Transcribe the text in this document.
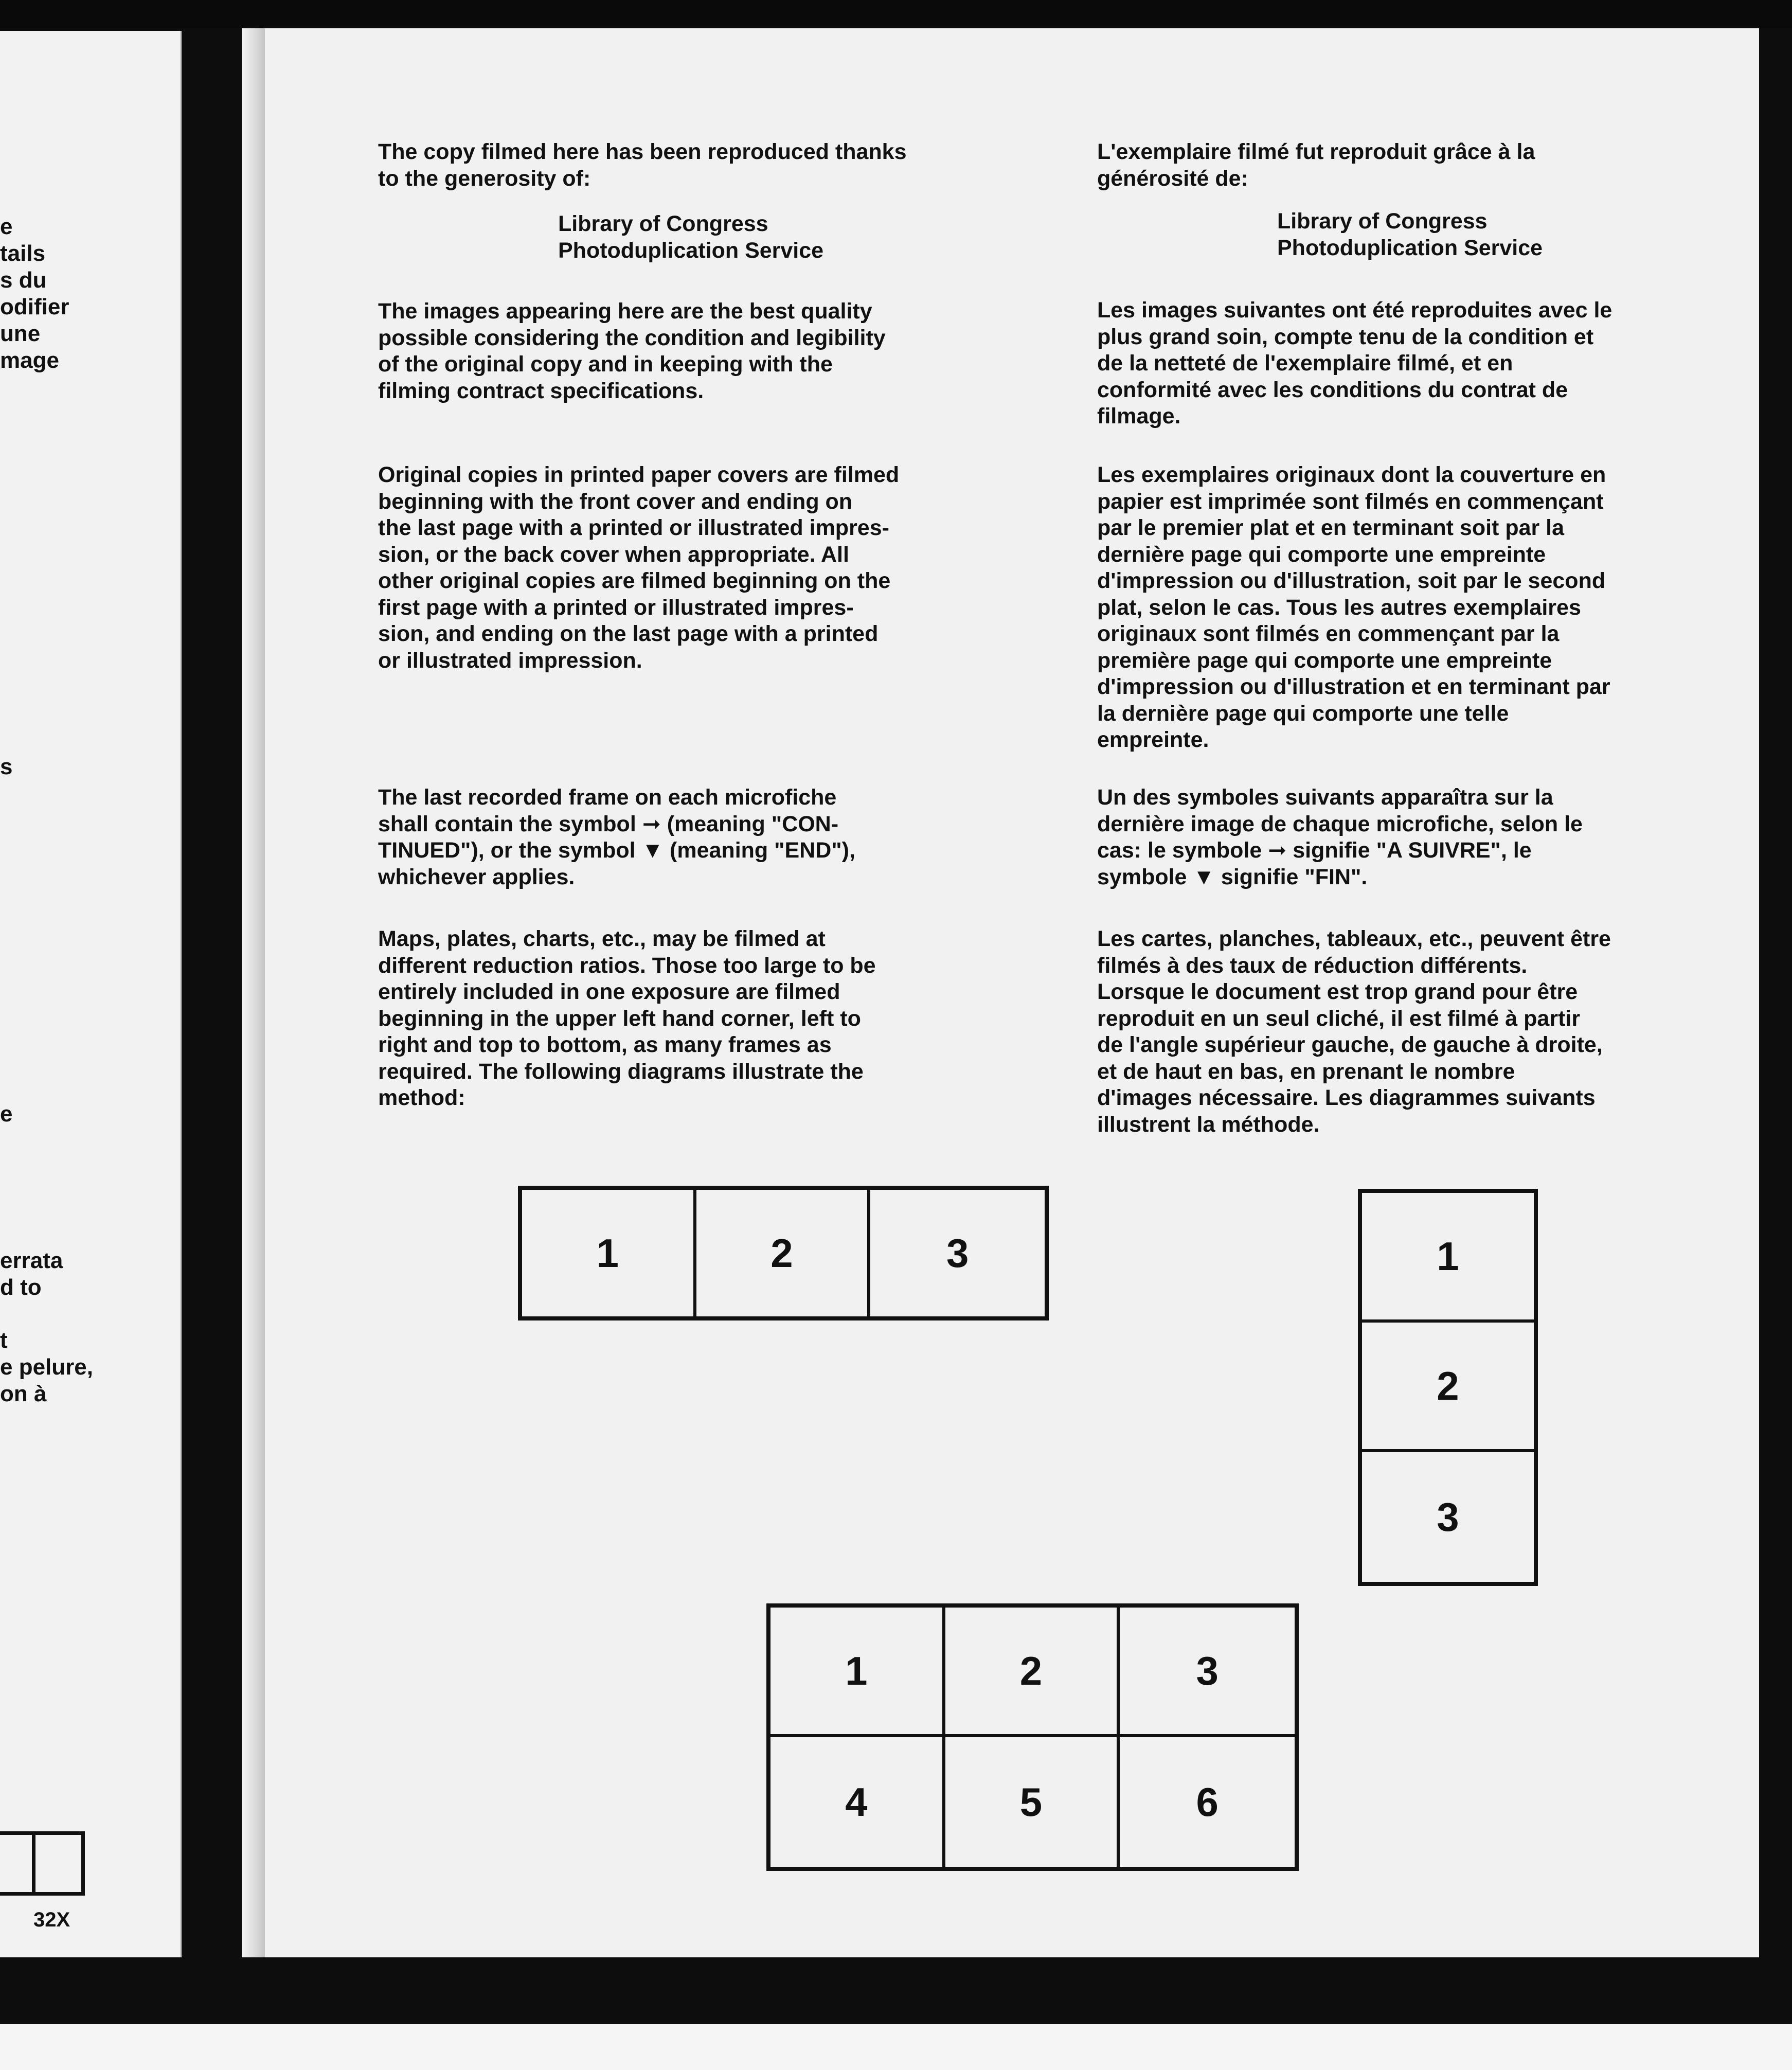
e
tails
s du
odifier
une
mage
s
e
errata
d to
t
e pelure,
on à
32X

The copy filmed here has been reproduced thanks
to the generosity of:

Library of Congress
Photoduplication Service

The images appearing here are the best quality
possible considering the condition and legibility
of the original copy and in keeping with the
filming contract specifications.

Original copies in printed paper covers are filmed
beginning with the front cover and ending on
the last page with a printed or illustrated impres-
sion, or the back cover when appropriate. All
other original copies are filmed beginning on the
first page with a printed or illustrated impres-
sion, and ending on the last page with a printed
or illustrated impression.

The last recorded frame on each microfiche
shall contain the symbol ➞ (meaning "CON-
TINUED"), or the symbol ▼ (meaning "END"),
whichever applies.

Maps, plates, charts, etc., may be filmed at
different reduction ratios. Those too large to be
entirely included in one exposure are filmed
beginning in the upper left hand corner, left to
right and top to bottom, as many frames as
required. The following diagrams illustrate the
method:

L'exemplaire filmé fut reproduit grâce à la
générosité de:

Library of Congress
Photoduplication Service

Les images suivantes ont été reproduites avec le
plus grand soin, compte tenu de la condition et
de la netteté de l'exemplaire filmé, et en
conformité avec les conditions du contrat de
filmage.

Les exemplaires originaux dont la couverture en
papier est imprimée sont filmés en commençant
par le premier plat et en terminant soit par la
dernière page qui comporte une empreinte
d'impression ou d'illustration, soit par le second
plat, selon le cas. Tous les autres exemplaires
originaux sont filmés en commençant par la
première page qui comporte une empreinte
d'impression ou d'illustration et en terminant par
la dernière page qui comporte une telle
empreinte.

Un des symboles suivants apparaîtra sur la
dernière image de chaque microfiche, selon le
cas: le symbole ➞ signifie "A SUIVRE", le
symbole ▼ signifie "FIN".

Les cartes, planches, tableaux, etc., peuvent être
filmés à des taux de réduction différents.
Lorsque le document est trop grand pour être
reproduit en un seul cliché, il est filmé à partir
de l'angle supérieur gauche, de gauche à droite,
et de haut en bas, en prenant le nombre
d'images nécessaire. Les diagrammes suivants
illustrent la méthode.

1	2	3	1
2
3
1	2	3
4	5	6
